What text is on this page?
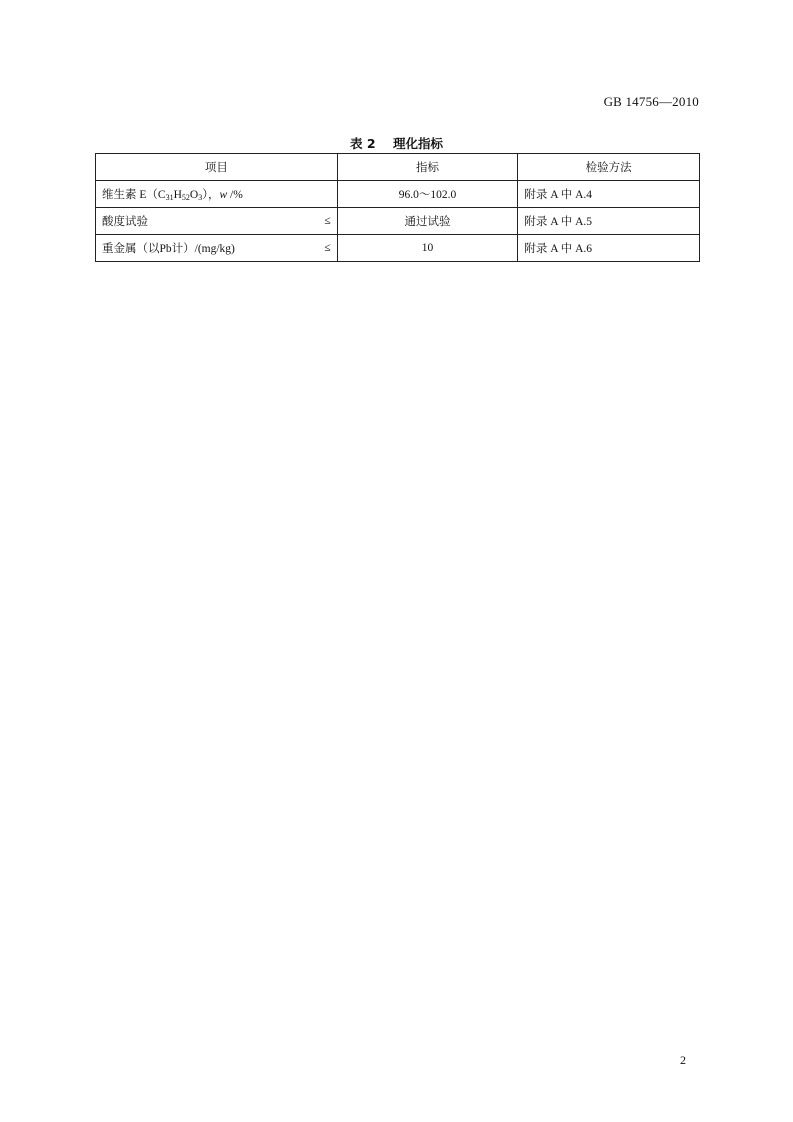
GB 14756—2010
表 2    理化指标
项目	指标	检验方法
维生素 $E(C_{31}H_{52}O_3)$，w /%	96.0～102.0	附录 A 中 A.4
酸度试验 ≤	通过试验	附录 A 中 A.5
重金属（以Pb计）/(mg/kg) ≤	10	附录 A 中 A.6
2
